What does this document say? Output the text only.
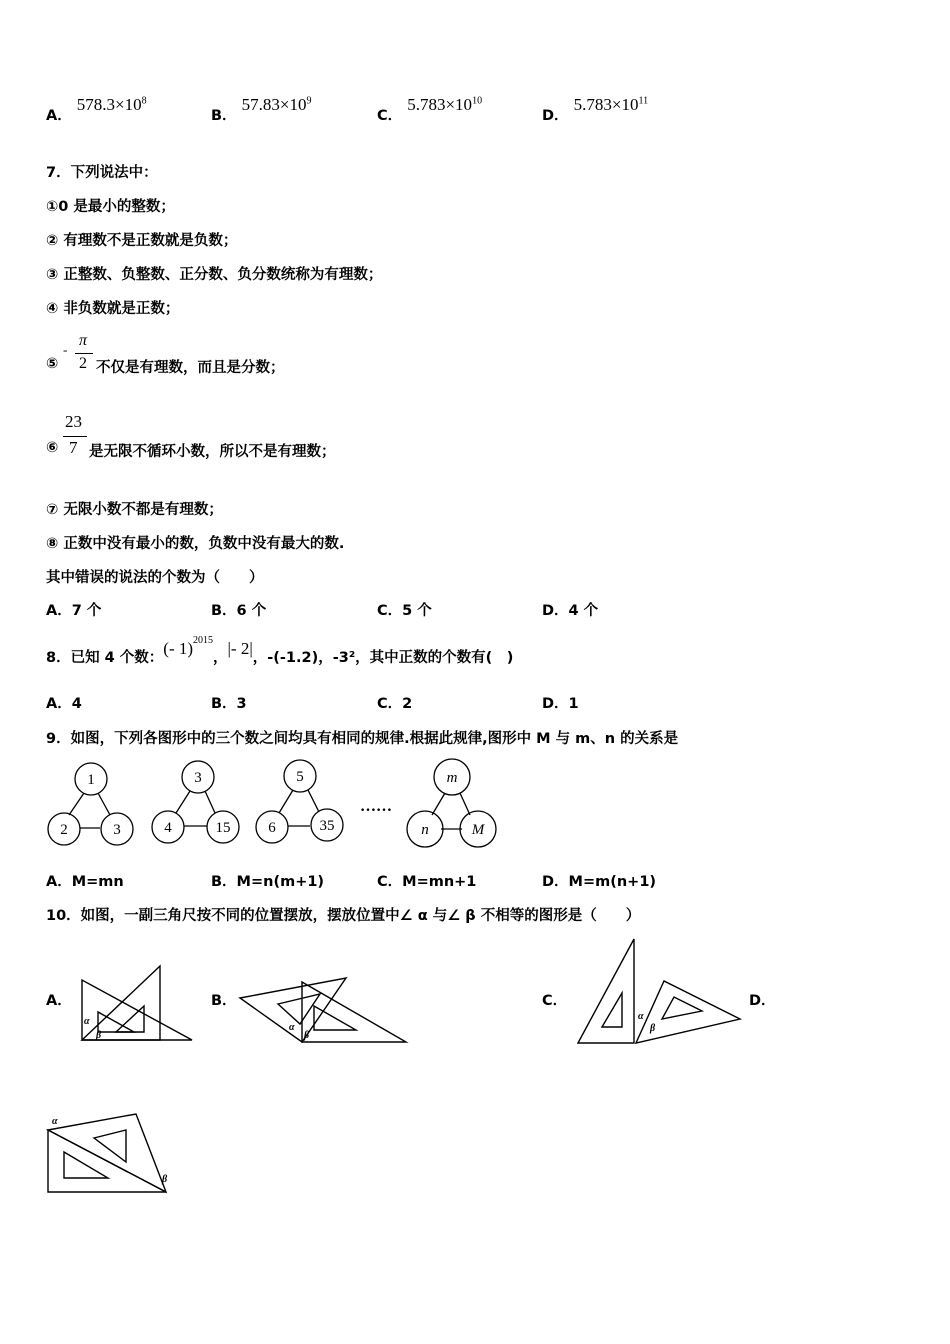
A． $578.3\times 10^8$
B． $57.83\times 10^9$
C． $5.783\times 10^{10}$
D． $5.783\times 10^{11}$
7．下列说法中：
①0 是最小的整数；
② 有理数不是正数就是负数；
③ 正整数、负整数、正分数、负分数统称为有理数；
④ 非负数就是正数；
⑤
-
π
2 不仅是有理数，而且是分数；
23
7
⑥ 是无限不循环小数，所以不是有理数；
⑦ 无限小数不都是有理数；
⑧ 正数中没有最小的数，负数中没有最大的数.
其中错误的说法的个数为（　　）
A．7 个	B．6 个	C．5 个	D．4 个
8．已知 4 个数：(- 1)$^{2015}$，|- 2|，-(-1.2)，-3²，其中正数的个数有(　)
A．4	B．3	C．2	D．1
9．如图，下列各图形中的三个数之间均具有相同的规律.根据此规律,图形中 M 与 m、n 的关系是
1
2	3
3
4	15
5
6	35
m
n	M
……
A．M=mn	B．M=n(m+1)	C．M=mn+1	D．M=m(n+1)
10．如图，一副三角尺按不同的位置摆放，摆放位置中∠ α 与∠ β 不相等的图形是（　　）
A．	B．	C．	D．
α
β
α
β
α
β
α
β
